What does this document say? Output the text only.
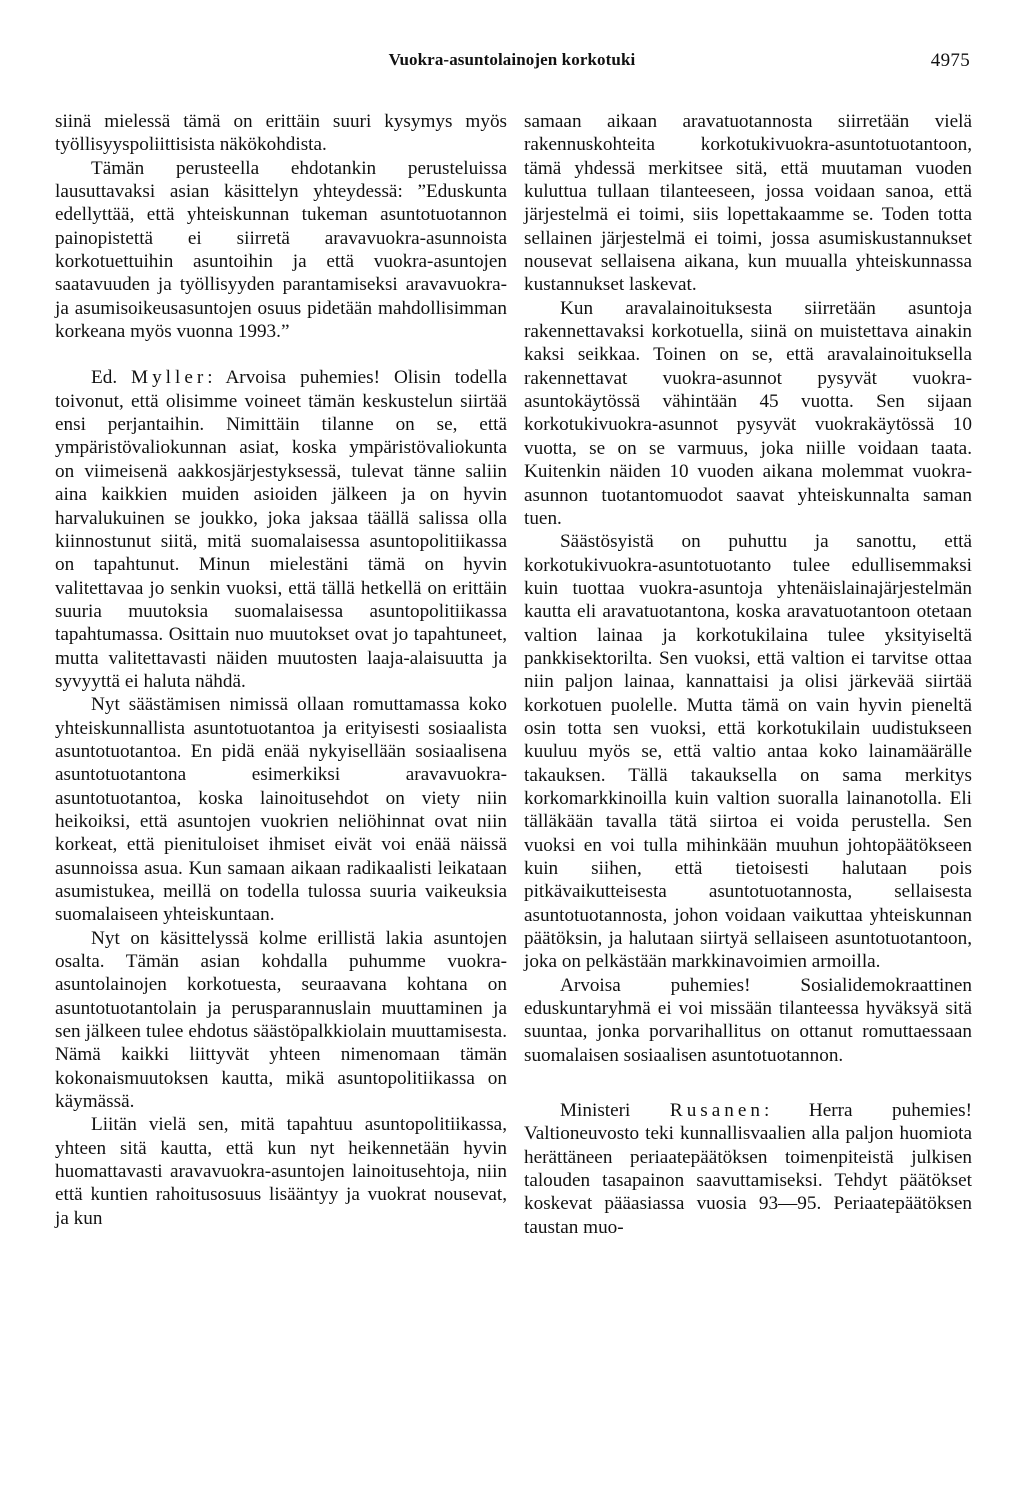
Vuokra-asuntolainojen korkotuki	4975

siinä mielessä tämä on erittäin suuri kysymys myös työllisyyspoliittisista näkökohdista.

Tämän perusteella ehdotankin perusteluissa lausuttavaksi asian käsittelyn yhteydessä: ”Eduskunta edellyttää, että yhteiskunnan tukeman asuntotuotannon painopistettä ei siirretä aravavuokra-asunnoista korkotuettuihin asuntoihin ja että vuokra-asuntojen saatavuuden ja työllisyyden parantamiseksi aravavuokra- ja asumisoikeusasuntojen osuus pidetään mahdollisimman korkeana myös vuonna 1993.”

Ed. Myller: Arvoisa puhemies! Olisin todella toivonut, että olisimme voineet tämän keskustelun siirtää ensi perjantaihin. Nimittäin tilanne on se, että ympäristövaliokunnan asiat, koska ympäristövaliokunta on viimeisenä aakkosjärjestyksessä, tulevat tänne saliin aina kaikkien muiden asioiden jälkeen ja on hyvin harvalukuinen se joukko, joka jaksaa täällä salissa olla kiinnostunut siitä, mitä suomalaisessa asuntopolitiikassa on tapahtunut. Minun mielestäni tämä on hyvin valitettavaa jo senkin vuoksi, että tällä hetkellä on erittäin suuria muutoksia suomalaisessa asuntopolitiikassa tapahtumassa. Osittain nuo muutokset ovat jo tapahtuneet, mutta valitettavasti näiden muutosten laaja-alaisuutta ja syvyyttä ei haluta nähdä.

Nyt säästämisen nimissä ollaan romuttamassa koko yhteiskunnallista asuntotuotantoa ja erityisesti sosiaalista asuntotuotantoa. En pidä enää nykyisellään sosiaalisena asuntotuotantona esimerkiksi aravavuokra-asuntotuotantoa, koska lainoitusehdot on viety niin heikoiksi, että asuntojen vuokrien neliöhinnat ovat niin korkeat, että pienituloiset ihmiset eivät voi enää näissä asunnoissa asua. Kun samaan aikaan radikaalisti leikataan asumistukea, meillä on todella tulossa suuria vaikeuksia suomalaiseen yhteiskuntaan.

Nyt on käsittelyssä kolme erillistä lakia asuntojen osalta. Tämän asian kohdalla puhumme vuokra-asuntolainojen korkotuesta, seuraavana kohtana on asuntotuotantolain ja perusparannuslain muuttaminen ja sen jälkeen tulee ehdotus säästöpalkkiolain muuttamisesta. Nämä kaikki liittyvät yhteen nimenomaan tämän kokonaismuutoksen kautta, mikä asuntopolitiikassa on käymässä.

Liitän vielä sen, mitä tapahtuu asuntopolitiikassa, yhteen sitä kautta, että kun nyt heikennetään hyvin huomattavasti aravavuokra-asuntojen lainoitusehtoja, niin että kuntien rahoitusosuus lisääntyy ja vuokrat nousevat, ja kun

samaan aikaan aravatuotannosta siirretään vielä rakennuskohteita korkotukivuokra-asuntotuotantoon, tämä yhdessä merkitsee sitä, että muutaman vuoden kuluttua tullaan tilanteeseen, jossa voidaan sanoa, että järjestelmä ei toimi, siis lopettakaamme se. Toden totta sellainen järjestelmä ei toimi, jossa asumiskustannukset nousevat sellaisena aikana, kun muualla yhteiskunnassa kustannukset laskevat.

Kun aravalainoituksesta siirretään asuntoja rakennettavaksi korkotuella, siinä on muistettava ainakin kaksi seikkaa. Toinen on se, että aravalainoituksella rakennettavat vuokra-asunnot pysyvät vuokra-asuntokäytössä vähintään 45 vuotta. Sen sijaan korkotukivuokra-asunnot pysyvät vuokrakäytössä 10 vuotta, se on se varmuus, joka niille voidaan taata. Kuitenkin näiden 10 vuoden aikana molemmat vuokra-asunnon tuotantomuodot saavat yhteiskunnalta saman tuen.

Säästösyistä on puhuttu ja sanottu, että korkotukivuokra-asuntotuotanto tulee edullisemmaksi kuin tuottaa vuokra-asuntoja yhtenäislainajärjestelmän kautta eli aravatuotantona, koska aravatuotantoon otetaan valtion lainaa ja korkotukilaina tulee yksityiseltä pankkisektorilta. Sen vuoksi, että valtion ei tarvitse ottaa niin paljon lainaa, kannattaisi ja olisi järkevää siirtää korkotuen puolelle. Mutta tämä on vain hyvin pieneltä osin totta sen vuoksi, että korkotukilain uudistukseen kuuluu myös se, että valtio antaa koko lainamäärälle takauksen. Tällä takauksella on sama merkitys korkomarkkinoilla kuin valtion suoralla lainanotolla. Eli tälläkään tavalla tätä siirtoa ei voida perustella. Sen vuoksi en voi tulla mihinkään muuhun johtopäätökseen kuin siihen, että tietoisesti halutaan pois pitkävaikutteisesta asuntotuotannosta, sellaisesta asuntotuotannosta, johon voidaan vaikuttaa yhteiskunnan päätöksin, ja halutaan siirtyä sellaiseen asuntotuotantoon, joka on pelkästään markkinavoimien armoilla.

Arvoisa puhemies! Sosialidemokraattinen eduskuntaryhmä ei voi missään tilanteessa hyväksyä sitä suuntaa, jonka porvarihallitus on ottanut romuttaessaan suomalaisen sosiaalisen asuntotuotannon.

Ministeri Rusanen: Herra puhemies! Valtioneuvosto teki kunnallisvaalien alla paljon huomiota herättäneen periaatepäätöksen toimenpiteistä julkisen talouden tasapainon saavuttamiseksi. Tehdyt päätökset koskevat pääasiassa vuosia 93—95. Periaatepäätöksen taustan muo-
